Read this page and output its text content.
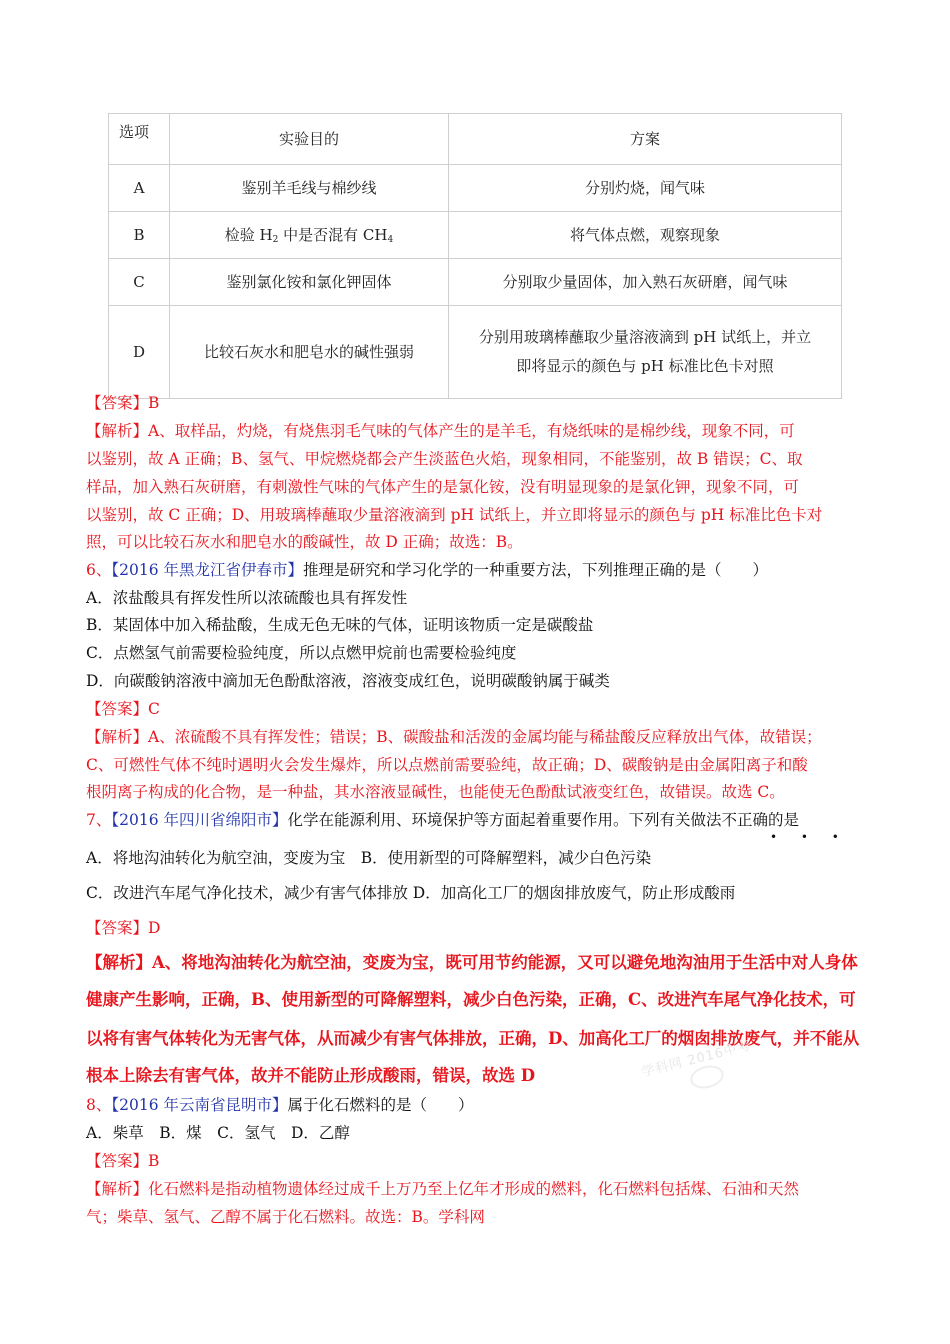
选项	实验目的	方案
A	鉴别羊毛线与棉纱线	分别灼烧，闻气味
B	检验 $H_2$ 中是否混有 $CH_4$	将气体点燃，观察现象
C	鉴别氯化铵和氯化钾固体	分别取少量固体，加入熟石灰研磨，闻气味
D	比较石灰水和肥皂水的碱性强弱	分别用玻璃棒蘸取少量溶液滴到 pH 试纸上，并立
即将显示的颜色与 pH 标准比色卡对照
【答案】B
【解析】A、取样品，灼烧，有烧焦羽毛气味的气体产生的是羊毛，有烧纸味的是棉纱线，现象不同，可
以鉴别，故 A 正确；B、氢气、甲烷燃烧都会产生淡蓝色火焰，现象相同，不能鉴别，故 B 错误；C、取
样品，加入熟石灰研磨，有刺激性气味的气体产生的是氯化铵，没有明显现象的是氯化钾，现象不同，可
以鉴别，故 C 正确；D、用玻璃棒蘸取少量溶液滴到 pH 试纸上，并立即将显示的颜色与 pH 标准比色卡对
照，可以比较石灰水和肥皂水的酸碱性，故 D 正确；故选：B。
6、【2016 年黑龙江省伊春市】推理是研究和学习化学的一种重要方法，下列推理正确的是（　　）
A．浓盐酸具有挥发性所以浓硫酸也具有挥发性
B．某固体中加入稀盐酸，生成无色无味的气体，证明该物质一定是碳酸盐
C．点燃氢气前需要检验纯度，所以点燃甲烷前也需要检验纯度
D．向碳酸钠溶液中滴加无色酚酞溶液，溶液变成红色，说明碳酸钠属于碱类
【答案】C
【解析】A、浓硫酸不具有挥发性；错误；B、碳酸盐和活泼的金属均能与稀盐酸反应释放出气体，故错误；
C、可燃性气体不纯时遇明火会发生爆炸，所以点燃前需要验纯，故正确；D、碳酸钠是由金属阳离子和酸
根阴离子构成的化合物，是一种盐，其水溶液显碱性，也能使无色酚酞试液变红色，故错误。故选 C。
7、【2016 年四川省绵阳市】化学在能源利用、环境保护等方面起着重要作用。下列有关做法不正确的是
• • •
A．将地沟油转化为航空油，变废为宝　B．使用新型的可降解塑料，减少白色污染
C．改进汽车尾气净化技术，减少有害气体排放 D．加高化工厂的烟囱排放废气，防止形成酸雨
【答案】D
【解析】A、将地沟油转化为航空油，变废为宝，既可用节约能源，又可以避免地沟油用于生活中对人身体
健康产生影响，正确，B、使用新型的可降解塑料，减少白色污染，正确，C、改进汽车尾气净化技术，可
以将有害气体转化为无害气体，从而减少有害气体排放，正确，D、加高化工厂的烟囱排放废气，并不能从
根本上除去有害气体，故并不能防止形成酸雨，错误，故选 D	学科网 2016中考
8、【2016 年云南省昆明市】属于化石燃料的是（　　）
A．柴草　B．煤　C．氢气　D．乙醇
【答案】B
【解析】化石燃料是指动植物遗体经过成千上万乃至上亿年才形成的燃料，化石燃料包括煤、石油和天然
气；柴草、氢气、乙醇不属于化石燃料。故选：B。学科网
